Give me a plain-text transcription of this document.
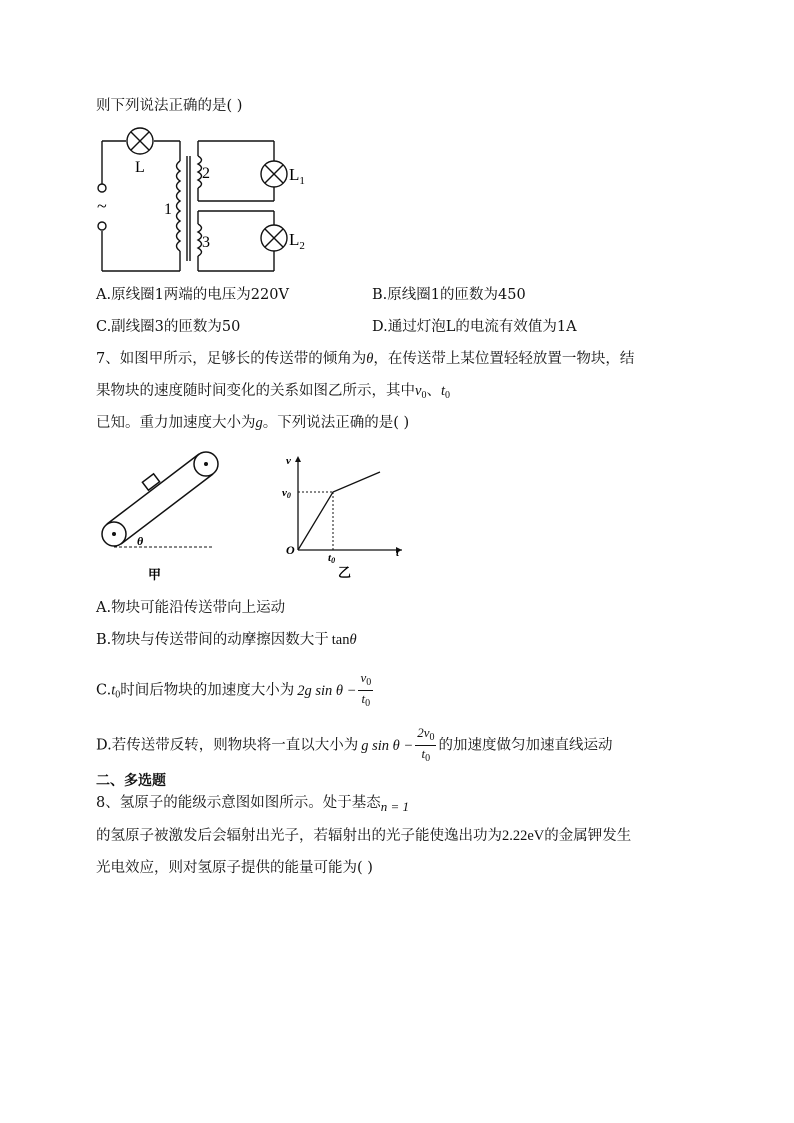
则下列说法正确的是( )
L
~	1
2
3
$L_1$
$L_2$
A.原线圈1两端的电压为220V	B.原线圈1的匝数为450
C.副线圈3的匝数为50	D.通过灯泡L的电流有效值为1A
7、如图甲所示，足够长的传送带的倾角为θ，在传送带上某位置轻轻放置一物块，结
果物块的速度随时间变化的关系如图乙所示，其中$v_0$、$t_0$
已知。重力加速度大小为g。下列说法正确的是( )
θ
甲
v
t
O
v0
t0
乙
A.物块可能沿传送带向上运动
B.物块与传送带间的动摩擦因数大于 tanθ
$C.t_0$时间后物块的加速度大小为 2g $\sin \theta - \frac{v_0}{t_0}$
D.若传送带反转，则物块将一直以大小为 g $\sin \theta - \frac{2v_0}{t_0}$ 的加速度做匀加速直线运动
二、多选题
8、氢原子的能级示意图如图所示。处于基态n = 1
的氢原子被激发后会辐射出光子，若辐射出的光子能使逸出功为2.22eV的金属钾发生
光电效应，则对氢原子提供的能量可能为( )
